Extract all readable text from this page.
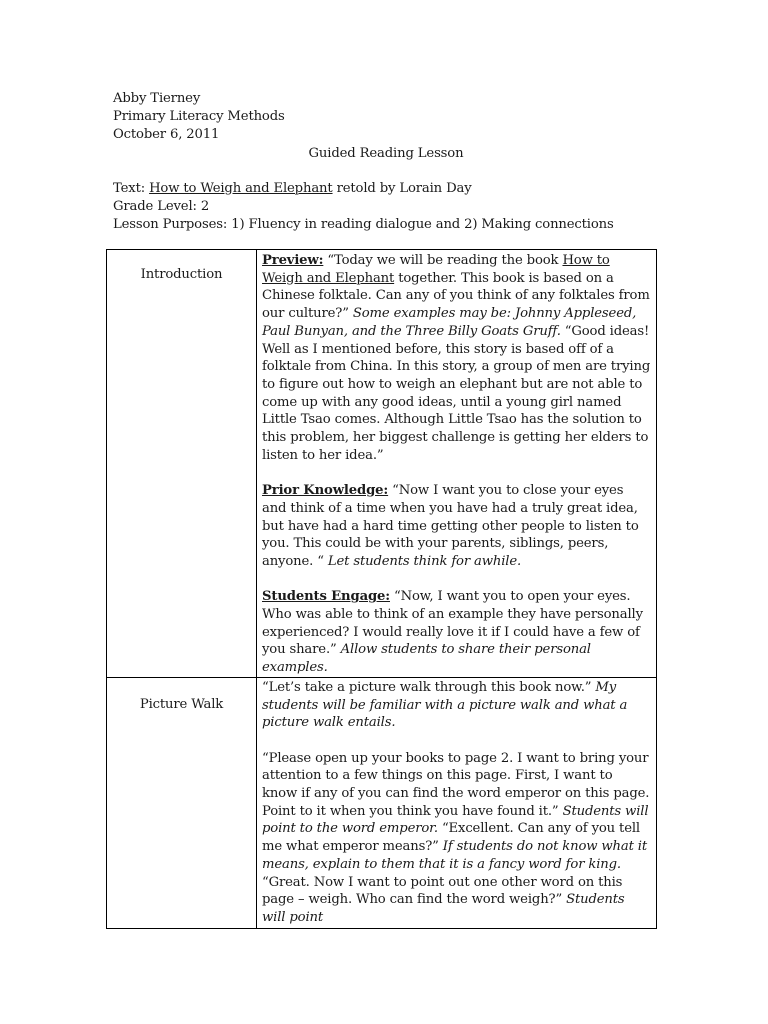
Abby Tierney
Primary Literacy Methods
October 6, 2011
Guided Reading Lesson
Text: How to Weigh and Elephant retold by Lorain Day
Grade Level: 2
Lesson Purposes: 1) Fluency in reading dialogue and 2) Making connections
Introduction	Preview: “Today we will be reading the book How to Weigh and Elephant together. This book is based on a Chinese folktale. Can any of you think of any folktales from our culture?” Some examples may be: Johnny Appleseed, Paul Bunyan, and the Three Billy Goats Gruff. “Good ideas! Well as I mentioned before, this story is based off of a folktale from China. In this story, a group of men are trying to figure out how to weigh an elephant but are not able to come up with any good ideas, until a young girl named Little Tsao comes. Although Little Tsao has the solution to this problem, her biggest challenge is getting her elders to listen to her idea.”

Prior Knowledge: “Now I want you to close your eyes and think of a time when you have had a truly great idea, but have had a hard time getting other people to listen to you. This could be with your parents, siblings, peers, anyone. “ Let students think for awhile.

Students Engage: “Now, I want you to open your eyes. Who was able to think of an example they have personally experienced? I would really love it if I could have a few of you share.” Allow students to share their personal examples.

Picture Walk	“Let’s take a picture walk through this book now.” My students will be familiar with a picture walk and what a picture walk entails.

“Please open up your books to page 2. I want to bring your attention to a few things on this page. First, I want to know if any of you can find the word emperor on this page. Point to it when you think you have found it.” Students will point to the word emperor. “Excellent. Can any of you tell me what emperor means?” If students do not know what it means, explain to them that it is a fancy word for king. “Great. Now I want to point out one other word on this page – weigh. Who can find the word weigh?” Students will point
